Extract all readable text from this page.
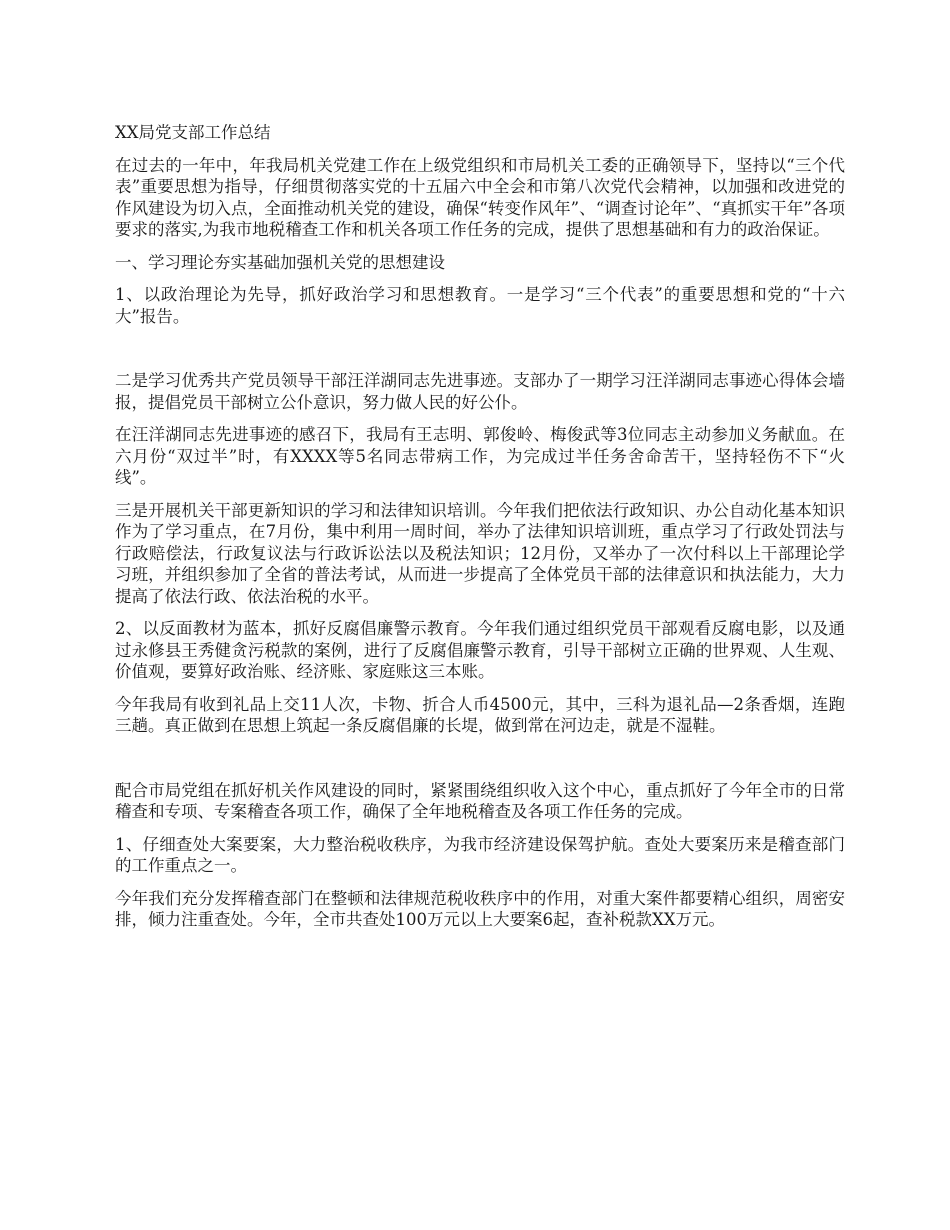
XX局党支部工作总结

在过去的一年中，年我局机关党建工作在上级党组织和市局机关工委的正确领导下，坚持以“三个代表”重要思想为指导，仔细贯彻落实党的十五届六中全会和市第八次党代会精神，以加强和改进党的作风建设为切入点，全面推动机关党的建设，确保“转变作风年”、“调查讨论年”、“真抓实干年”各项要求的落实,为我市地税稽查工作和机关各项工作任务的完成，提供了思想基础和有力的政治保证。

一、学习理论夯实基础加强机关党的思想建设

1、以政治理论为先导，抓好政治学习和思想教育。一是学习“三个代表”的重要思想和党的“十六大”报告。

二是学习优秀共产党员领导干部汪洋湖同志先进事迹。支部办了一期学习汪洋湖同志事迹心得体会墙报，提倡党员干部树立公仆意识，努力做人民的好公仆。

在汪洋湖同志先进事迹的感召下，我局有王志明、郭俊岭、梅俊武等3位同志主动参加义务献血。在六月份“双过半”时，有XXXX等5名同志带病工作，为完成过半任务舍命苦干，坚持轻伤不下“火线”。

三是开展机关干部更新知识的学习和法律知识培训。今年我们把依法行政知识、办公自动化基本知识作为了学习重点，在7月份，集中利用一周时间，举办了法律知识培训班，重点学习了行政处罚法与行政赔偿法，行政复议法与行政诉讼法以及税法知识；12月份，又举办了一次付科以上干部理论学习班，并组织参加了全省的普法考试，从而进一步提高了全体党员干部的法律意识和执法能力，大力提高了依法行政、依法治税的水平。

2、以反面教材为蓝本，抓好反腐倡廉警示教育。今年我们通过组织党员干部观看反腐电影，以及通过永修县王秀健贪污税款的案例，进行了反腐倡廉警示教育，引导干部树立正确的世界观、人生观、价值观，要算好政治账、经济账、家庭账这三本账。

今年我局有收到礼品上交11人次，卡物、折合人币4500元，其中，三科为退礼品—2条香烟，连跑三趟。真正做到在思想上筑起一条反腐倡廉的长堤，做到常在河边走，就是不湿鞋。

配合市局党组在抓好机关作风建设的同时，紧紧围绕组织收入这个中心，重点抓好了今年全市的日常稽查和专项、专案稽查各项工作，确保了全年地税稽查及各项工作任务的完成。

1、仔细查处大案要案，大力整治税收秩序，为我市经济建设保驾护航。查处大要案历来是稽查部门的工作重点之一。

今年我们充分发挥稽查部门在整顿和法律规范税收秩序中的作用，对重大案件都要精心组织，周密安排，倾力注重查处。今年，全市共查处100万元以上大要案6起，查补税款XX万元。
